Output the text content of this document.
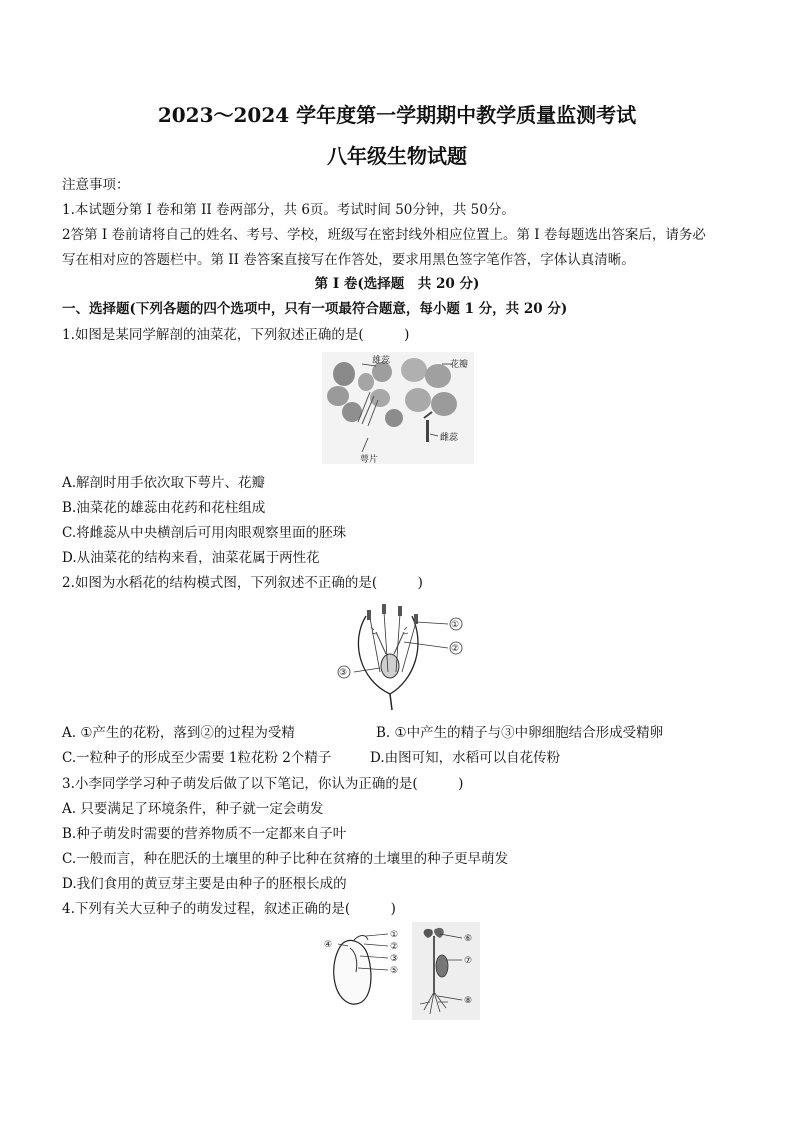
2023～2024 学年度第一学期期中教学质量监测考试
八年级生物试题
注意事项：
1.本试题分第 I 卷和第 II 卷两部分，共 6页。考试时间 50分钟，共 50分。
2答第 I 卷前请将自己的姓名、考号、学校，班级写在密封线外相应位置上。第 I 卷每题选出答案后，请务必
写在相对应的答题栏中。第 II 卷答案直接写在作答处，要求用黑色签字笔作答，字体认真清晰。
第 I 卷(选择题　共 20 分)
一、选择题(下列各题的四个选项中，只有一项最符合题意，每小题 1 分，共 20 分)
1.如图是某同学解剖的油菜花，下列叙述正确的是(　　　)
雄蕊	花瓣
雌蕊
萼片
A.解剖时用手依次取下萼片、花瓣
B.油菜花的雄蕊由花药和花柱组成
C.将雌蕊从中央横剖后可用肉眼观察里面的胚珠
D.从油菜花的结构来看，油菜花属于两性花
2.如图为水稻花的结构模式图，下列叙述不正确的是(　　　)
①
②
③
A. ①产生的花粉，落到②的过程为受精	B. ①中产生的精子与③中卵细胞结合形成受精卵
C.一粒种子的形成至少需要 1粒花粉 2个精子	D.由图可知，水稻可以自花传粉
3.小李同学学习种子萌发后做了以下笔记，你认为正确的是(　　　)
A. 只要满足了环境条件，种子就一定会萌发
B.种子萌发时需要的营养物质不一定都来自子叶
C.一般而言，种在肥沃的土壤里的种子比种在贫瘠的土壤里的种子更早萌发
D.我们食用的黄豆芽主要是由种子的胚根长成的
4.下列有关大豆种子的萌发过程，叙述正确的是(　　　)
④
①
②
③
⑤
⑥
⑦
⑧
